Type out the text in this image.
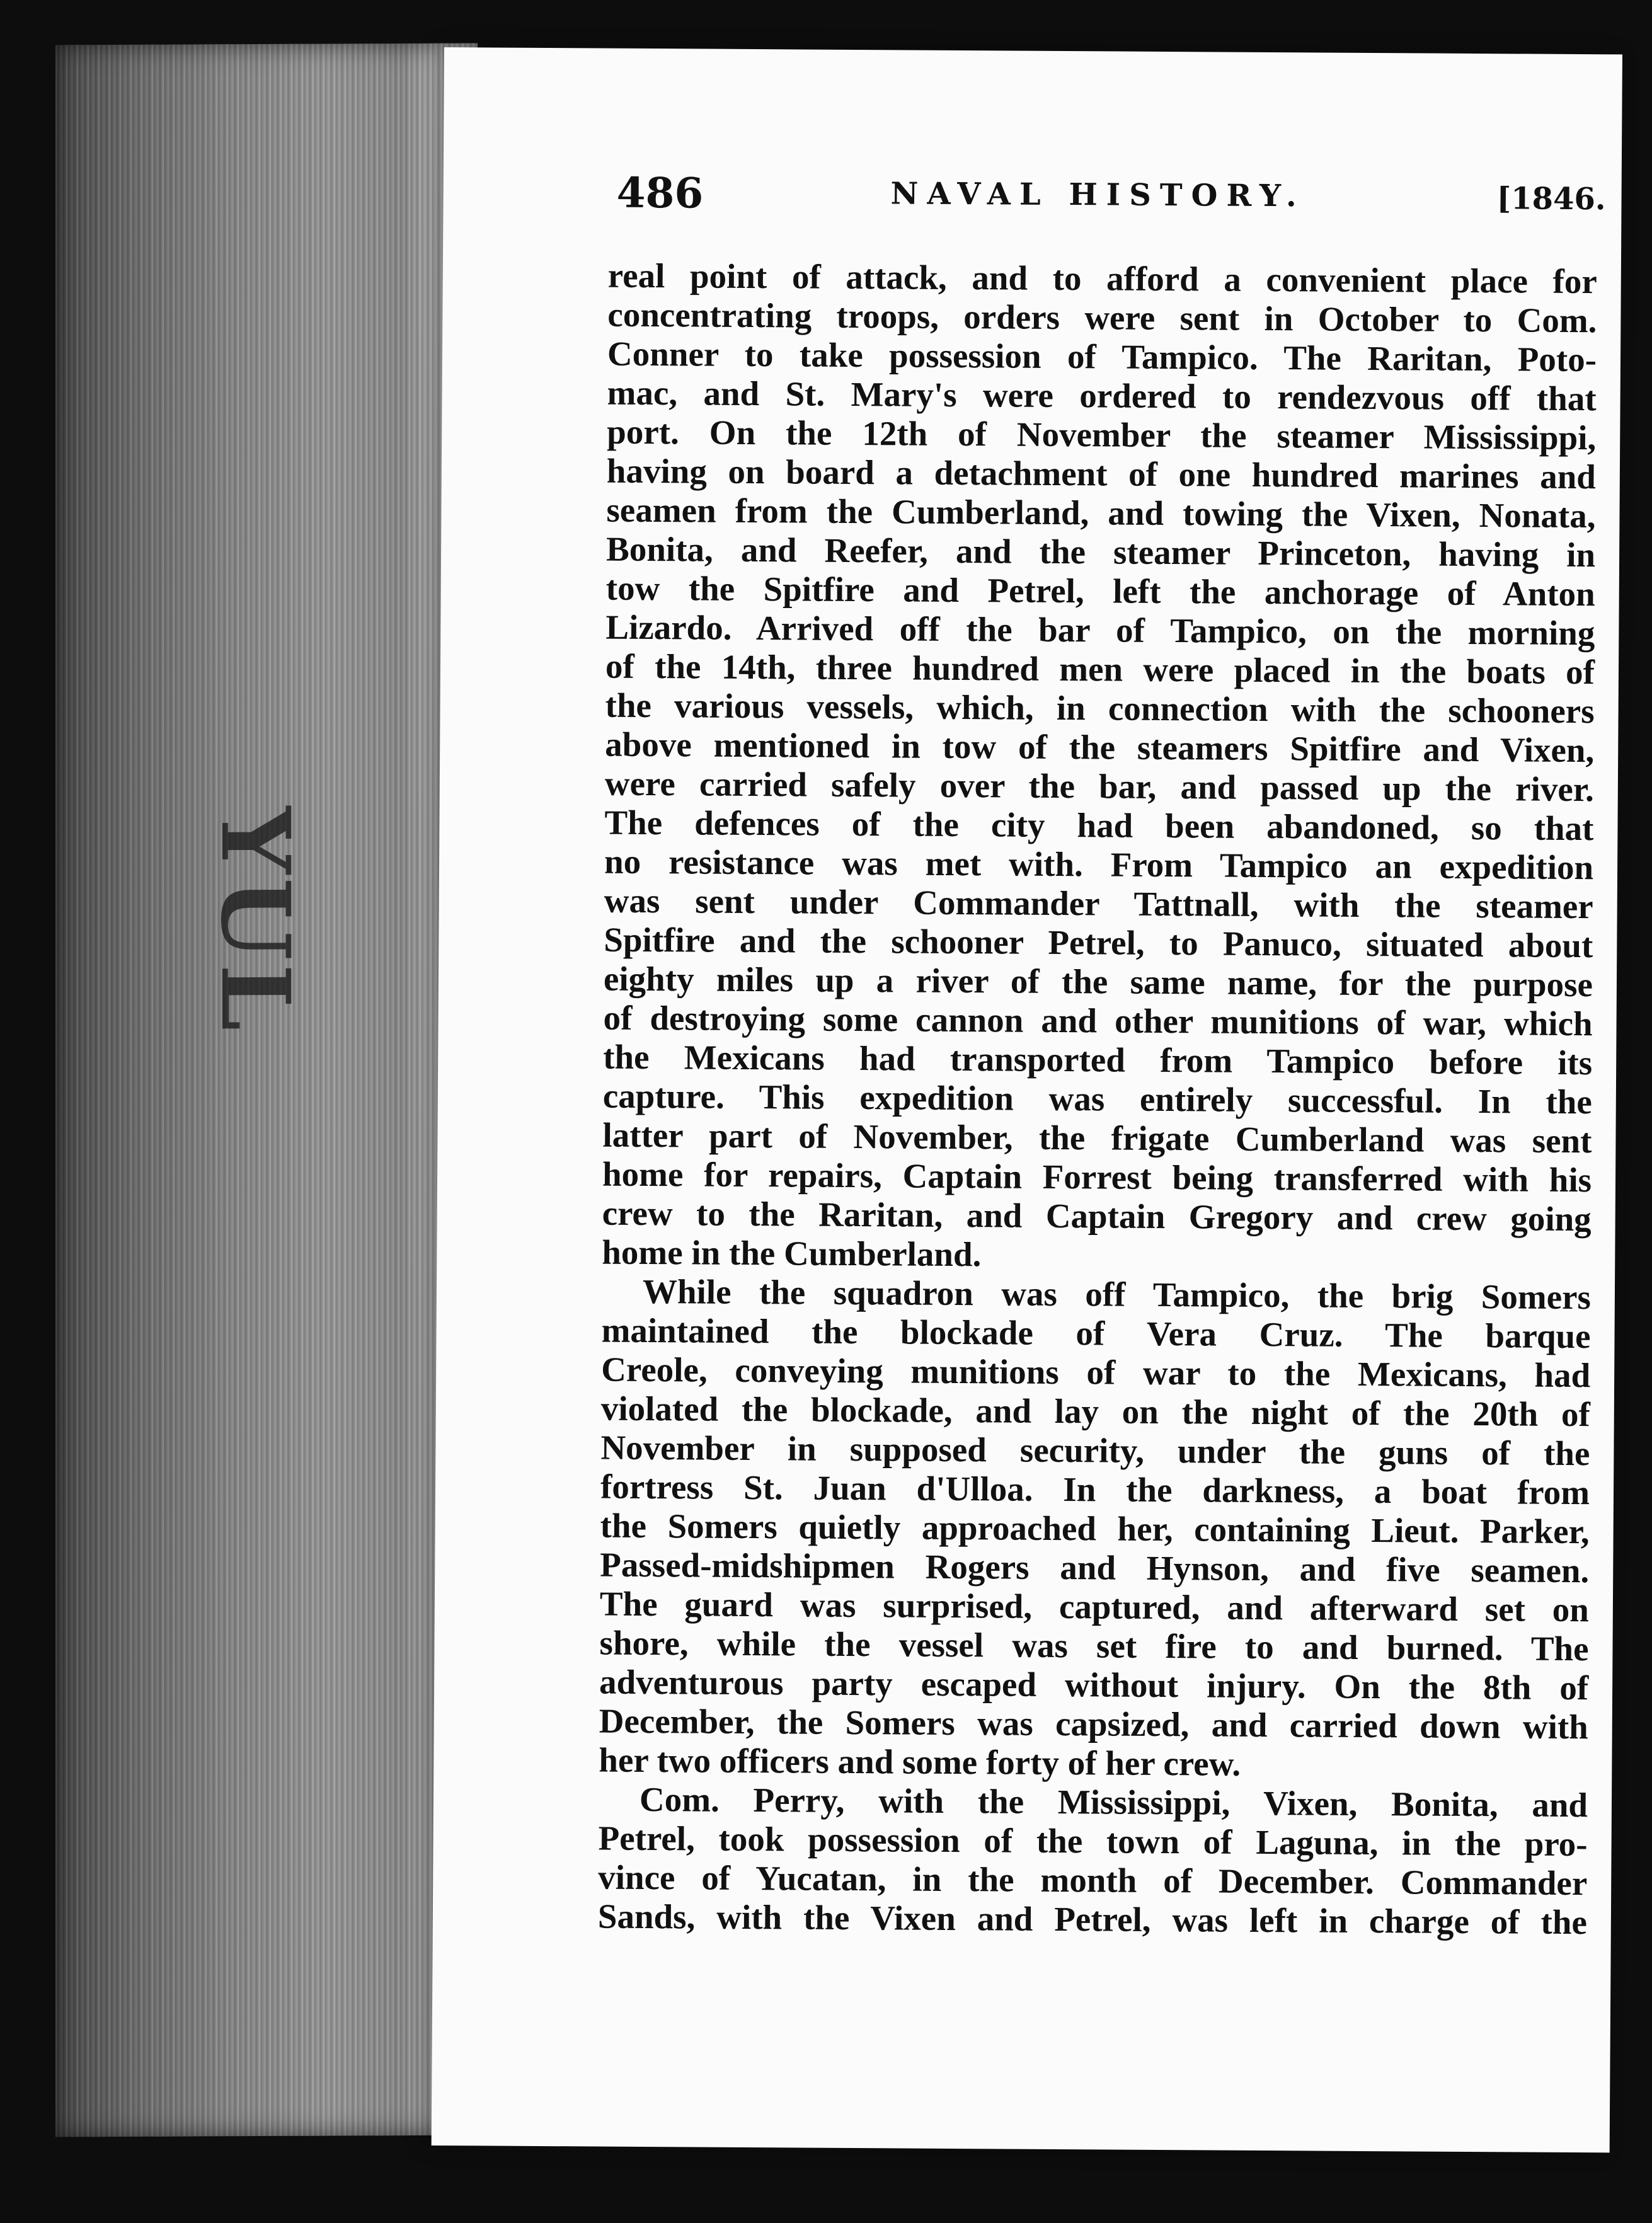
YUL
486	NAVAL HISTORY.	[1846.
real point of attack, and to afford a convenient place for
concentrating troops, orders were sent in October to Com.
Conner to take possession of Tampico. The Raritan, Poto-
mac, and St. Mary's were ordered to rendezvous off that
port. On the 12th of November the steamer Mississippi,
having on board a detachment of one hundred marines and
seamen from the Cumberland, and towing the Vixen, Nonata,
Bonita, and Reefer, and the steamer Princeton, having in
tow the Spitfire and Petrel, left the anchorage of Anton
Lizardo. Arrived off the bar of Tampico, on the morning
of the 14th, three hundred men were placed in the boats of
the various vessels, which, in connection with the schooners
above mentioned in tow of the steamers Spitfire and Vixen,
were carried safely over the bar, and passed up the river.
The defences of the city had been abandoned, so that
no resistance was met with. From Tampico an expedition
was sent under Commander Tattnall, with the steamer
Spitfire and the schooner Petrel, to Panuco, situated about
eighty miles up a river of the same name, for the purpose
of destroying some cannon and other munitions of war, which
the Mexicans had transported from Tampico before its
capture. This expedition was entirely successful. In the
latter part of November, the frigate Cumberland was sent
home for repairs, Captain Forrest being transferred with his
crew to the Raritan, and Captain Gregory and crew going
home in the Cumberland.
While the squadron was off Tampico, the brig Somers
maintained the blockade of Vera Cruz. The barque
Creole, conveying munitions of war to the Mexicans, had
violated the blockade, and lay on the night of the 20th of
November in supposed security, under the guns of the
fortress St. Juan d'Ulloa. In the darkness, a boat from
the Somers quietly approached her, containing Lieut. Parker,
Passed-midshipmen Rogers and Hynson, and five seamen.
The guard was surprised, captured, and afterward set on
shore, while the vessel was set fire to and burned. The
adventurous party escaped without injury. On the 8th of
December, the Somers was capsized, and carried down with
her two officers and some forty of her crew.
Com. Perry, with the Mississippi, Vixen, Bonita, and
Petrel, took possession of the town of Laguna, in the pro-
vince of Yucatan, in the month of December. Commander
Sands, with the Vixen and Petrel, was left in charge of the
